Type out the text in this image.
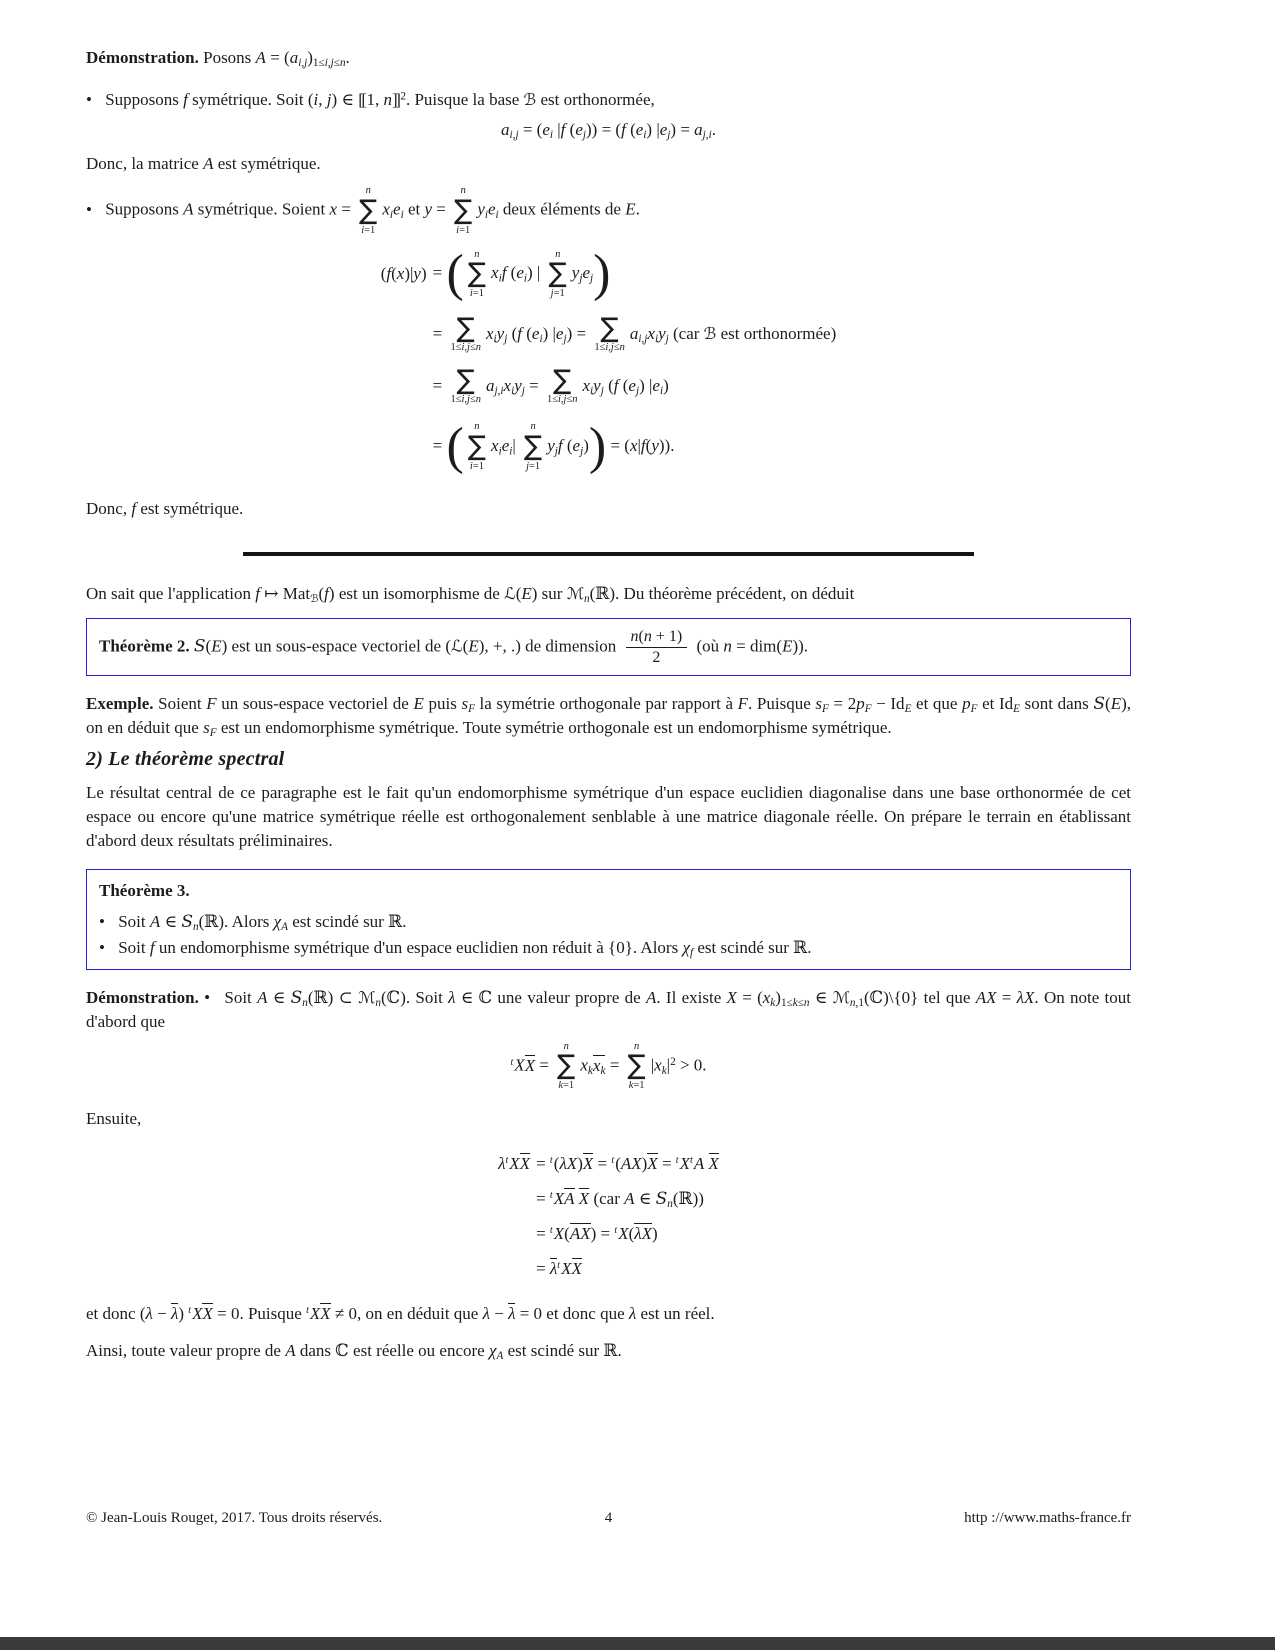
Démonstration. Posons $A = (a_{i,j})_{1\le i,j\le n}$.

• Supposons f symétrique. Soit (i, j) ∈ [[ 1, n]] $^2$. Puisque la base ℬ est orthonormée,

$a_{i,j} = (e_i$ |f $(e_j)) = (f$ $(e_i) |e_j) = a_{j,i}$.

Donc, la matrice A est symétrique.

• Supposons A symétrique. Soient x =
n
∑
i=1
$x_ie_i$ et y =
n
∑
i=1
$y_ie_i$ deux éléments de E.

(f(x)|y)	= ( n
∑
i=1
$x_if$ $(e_i)$ |
n
∑
j=1
$y_je_j$)
	= ∑
1≤i,j≤n
$x_iy_j$ (f $(e_i) |e_j$) = ∑
1≤i,j≤n
$a_{i,j}x_iy_j$ (car ℬ est orthonormée)
	= ∑
1≤i,j≤n
$a_{j,i}x_iy_j$ = ∑
1≤i,j≤n
$x_iy_j$ (f $(e_j)$ $|e_i$)
	= ( n
∑
i=1
$x_ie_i|$
n
∑
j=1
$y_jf$ $(e_j)) = (x|f(y))$.

Donc, f est symétrique.

On sait que l'application f ↦ Mat$_ℬ$(f) est un isomorphisme de ℒ(E) sur ℳ$_n$(ℝ). Du théorème précédent, on déduit

Théorème 2. S(E) est un sous-espace vectoriel de (ℒ(E), +, .) de dimension $\frac{n(n + 1)}{2}$ (où n = dim(E)).

Exemple. Soient F un sous-espace vectoriel de E puis $s_F$ la symétrie orthogonale par rapport à F. Puisque $s_F = 2p_F - Id_E$ et que $p_F$ et $Id_E$ sont dans S(E), on en déduit que $s_F$ est un endomorphisme symétrique. Toute symétrie orthogonale est un endomorphisme symétrique.

2) Le théorème spectral

Le résultat central de ce paragraphe est le fait qu'un endomorphisme symétrique d'un espace euclidien diagonalise dans une base orthonormée de cet espace ou encore qu'une matrice symétrique réelle est orthogonalement senblable à une matrice diagonale réelle. On prépare le terrain en établissant d'abord deux résultats préliminaires.

Théorème 3.

• Soit A ∈ $S_n(ℝ)$. Alors $\chi_A$ est scindé sur ℝ.

• Soit f un endomorphisme symétrique d'un espace euclidien non réduit à {0}. Alors $\chi_f$ est scindé sur ℝ.

Démonstration. • Soit A ∈ $S_n(ℝ)$ ⊂ ℳ$_n$(ℂ). Soit λ ∈ ℂ une valeur propre de A. Il existe $X = (x_k)_{1\le k\le n}$ ∈ ℳ$_{n,1}$(ℂ)\{0} tel que AX = λX. On note tout d'abord que

$^t$XX =
n
∑
k=1
$x_kx_k$ =
n
∑
k=1
$|x_k|^2 > 0$.

Ensuite,

$\lambda^tXX$	= $^t(\lambda X)X = ^t(AX)X = ^tX^tA$ X
	= $^t$XA X (car A ∈ $S_n(ℝ)$)
	= $^t$X(AX) = $^t$X(λX)
	= $\lambda^tXX$

et donc (λ − λ) $^t$XX = 0. Puisque $^t$XX ≠ 0, on en déduit que λ − λ = 0 et donc que λ est un réel.

Ainsi, toute valeur propre de A dans ℂ est réelle ou encore $\chi_A$ est scindé sur ℝ.

© Jean-Louis Rouget, 2017. Tous droits réservés.	4	http ://www.maths-france.fr
